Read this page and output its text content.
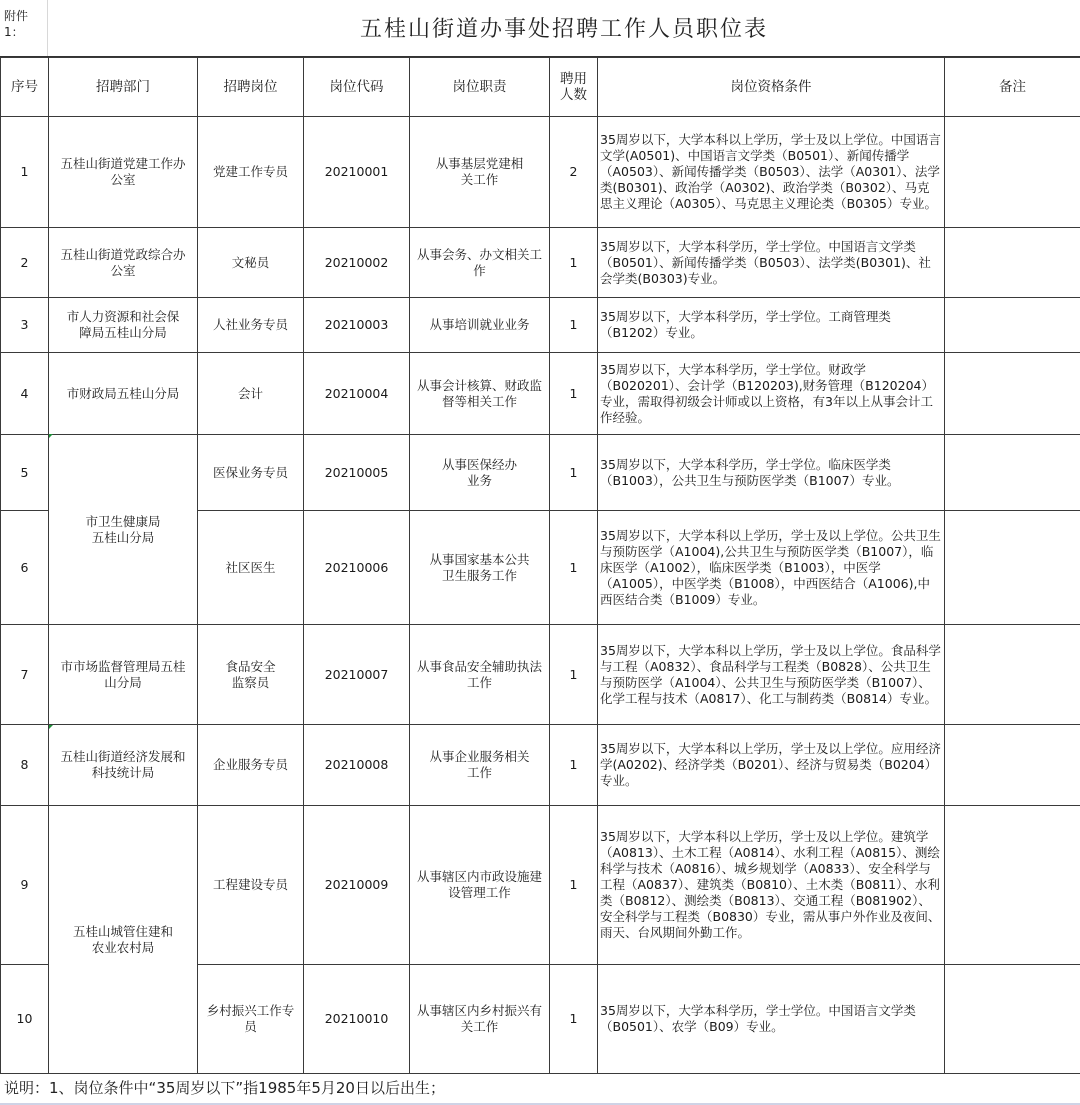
附件1：	五桂山街道办事处招聘工作人员职位表
序号	招聘部门	招聘岗位	岗位代码	岗位职责	聘用人数	岗位资格条件	备注
1	五桂山街道党建工作办公室	党建工作专员	20210001	从事基层党建相关工作	2	35周岁以下，大学本科以上学历，学士及以上学位。中国语言文学(A0501)、中国语言文学类（B0501）、新闻传播学（A0503）、新闻传播学类（B0503）、法学（A0301）、法学类(B0301)、政治学（A0302)、政治学类（B0302）、马克思主义理论（A0305）、马克思主义理论类（B0305）专业。	
2	五桂山街道党政综合办公室	文秘员	20210002	从事会务、办文相关工作	1	35周岁以下，大学本科学历，学士学位。中国语言文学类（B0501）、新闻传播学类（B0503）、法学类(B0301)、社会学类(B0303)专业。	
3	市人力资源和社会保障局五桂山分局	人社业务专员	20210003	从事培训就业业务	1	35周岁以下，大学本科学历，学士学位。工商管理类（B1202）专业。	
4	市财政局五桂山分局	会计	20210004	从事会计核算、财政监督等相关工作	1	35周岁以下，大学本科学历，学士学位。财政学（B020201）、会计学（B120203),财务管理（B120204）专业，需取得初级会计师或以上资格，有3年以上从事会计工作经验。	
5	市卫生健康局五桂山分局	医保业务专员	20210005	从事医保经办业务	1	35周岁以下，大学本科学历，学士学位。临床医学类（B1003），公共卫生与预防医学类（B1007）专业。	
6		社区医生	20210006	从事国家基本公共卫生服务工作	1	35周岁以下，大学本科以上学历，学士及以上学位。公共卫生与预防医学（A1004),公共卫生与预防医学类（B1007），临床医学（A1002），临床医学类（B1003），中医学（A1005），中医学类（B1008），中西医结合（A1006),中西医结合类（B1009）专业。	
7	市市场监督管理局五桂山分局	食品安全监察员	20210007	从事食品安全辅助执法工作	1	35周岁以下，大学本科以上学历，学士及以上学位。食品科学与工程（A0832）、食品科学与工程类（B0828）、公共卫生与预防医学（A1004）、公共卫生与预防医学类（B1007）、化学工程与技术（A0817）、化工与制药类（B0814）专业。	
8	五桂山街道经济发展和科技统计局	企业服务专员	20210008	从事企业服务相关工作	1	35周岁以下，大学本科以上学历，学士及以上学位。应用经济学(A0202)、经济学类（B0201）、经济与贸易类（B0204）专业。	
9	五桂山城管住建和农业农村局	工程建设专员	20210009	从事辖区内市政设施建设管理工作	1	35周岁以下，大学本科以上学历，学士及以上学位。建筑学（A0813）、土木工程（A0814）、水利工程（A0815）、测绘科学与技术（A0816）、城乡规划学（A0833）、安全科学与工程（A0837）、建筑类（B0810）、土木类（B0811）、水利类（B0812）、测绘类（B0813）、交通工程（B081902）、安全科学与工程类（B0830）专业，需从事户外作业及夜间、雨天、台风期间外勤工作。	
10		乡村振兴工作专员	20210010	从事辖区内乡村振兴有关工作	1	35周岁以下，大学本科学历，学士学位。中国语言文学类（B0501）、农学（B09）专业。	
说明：1、岗位条件中“35周岁以下”指1985年5月20日以后出生；
